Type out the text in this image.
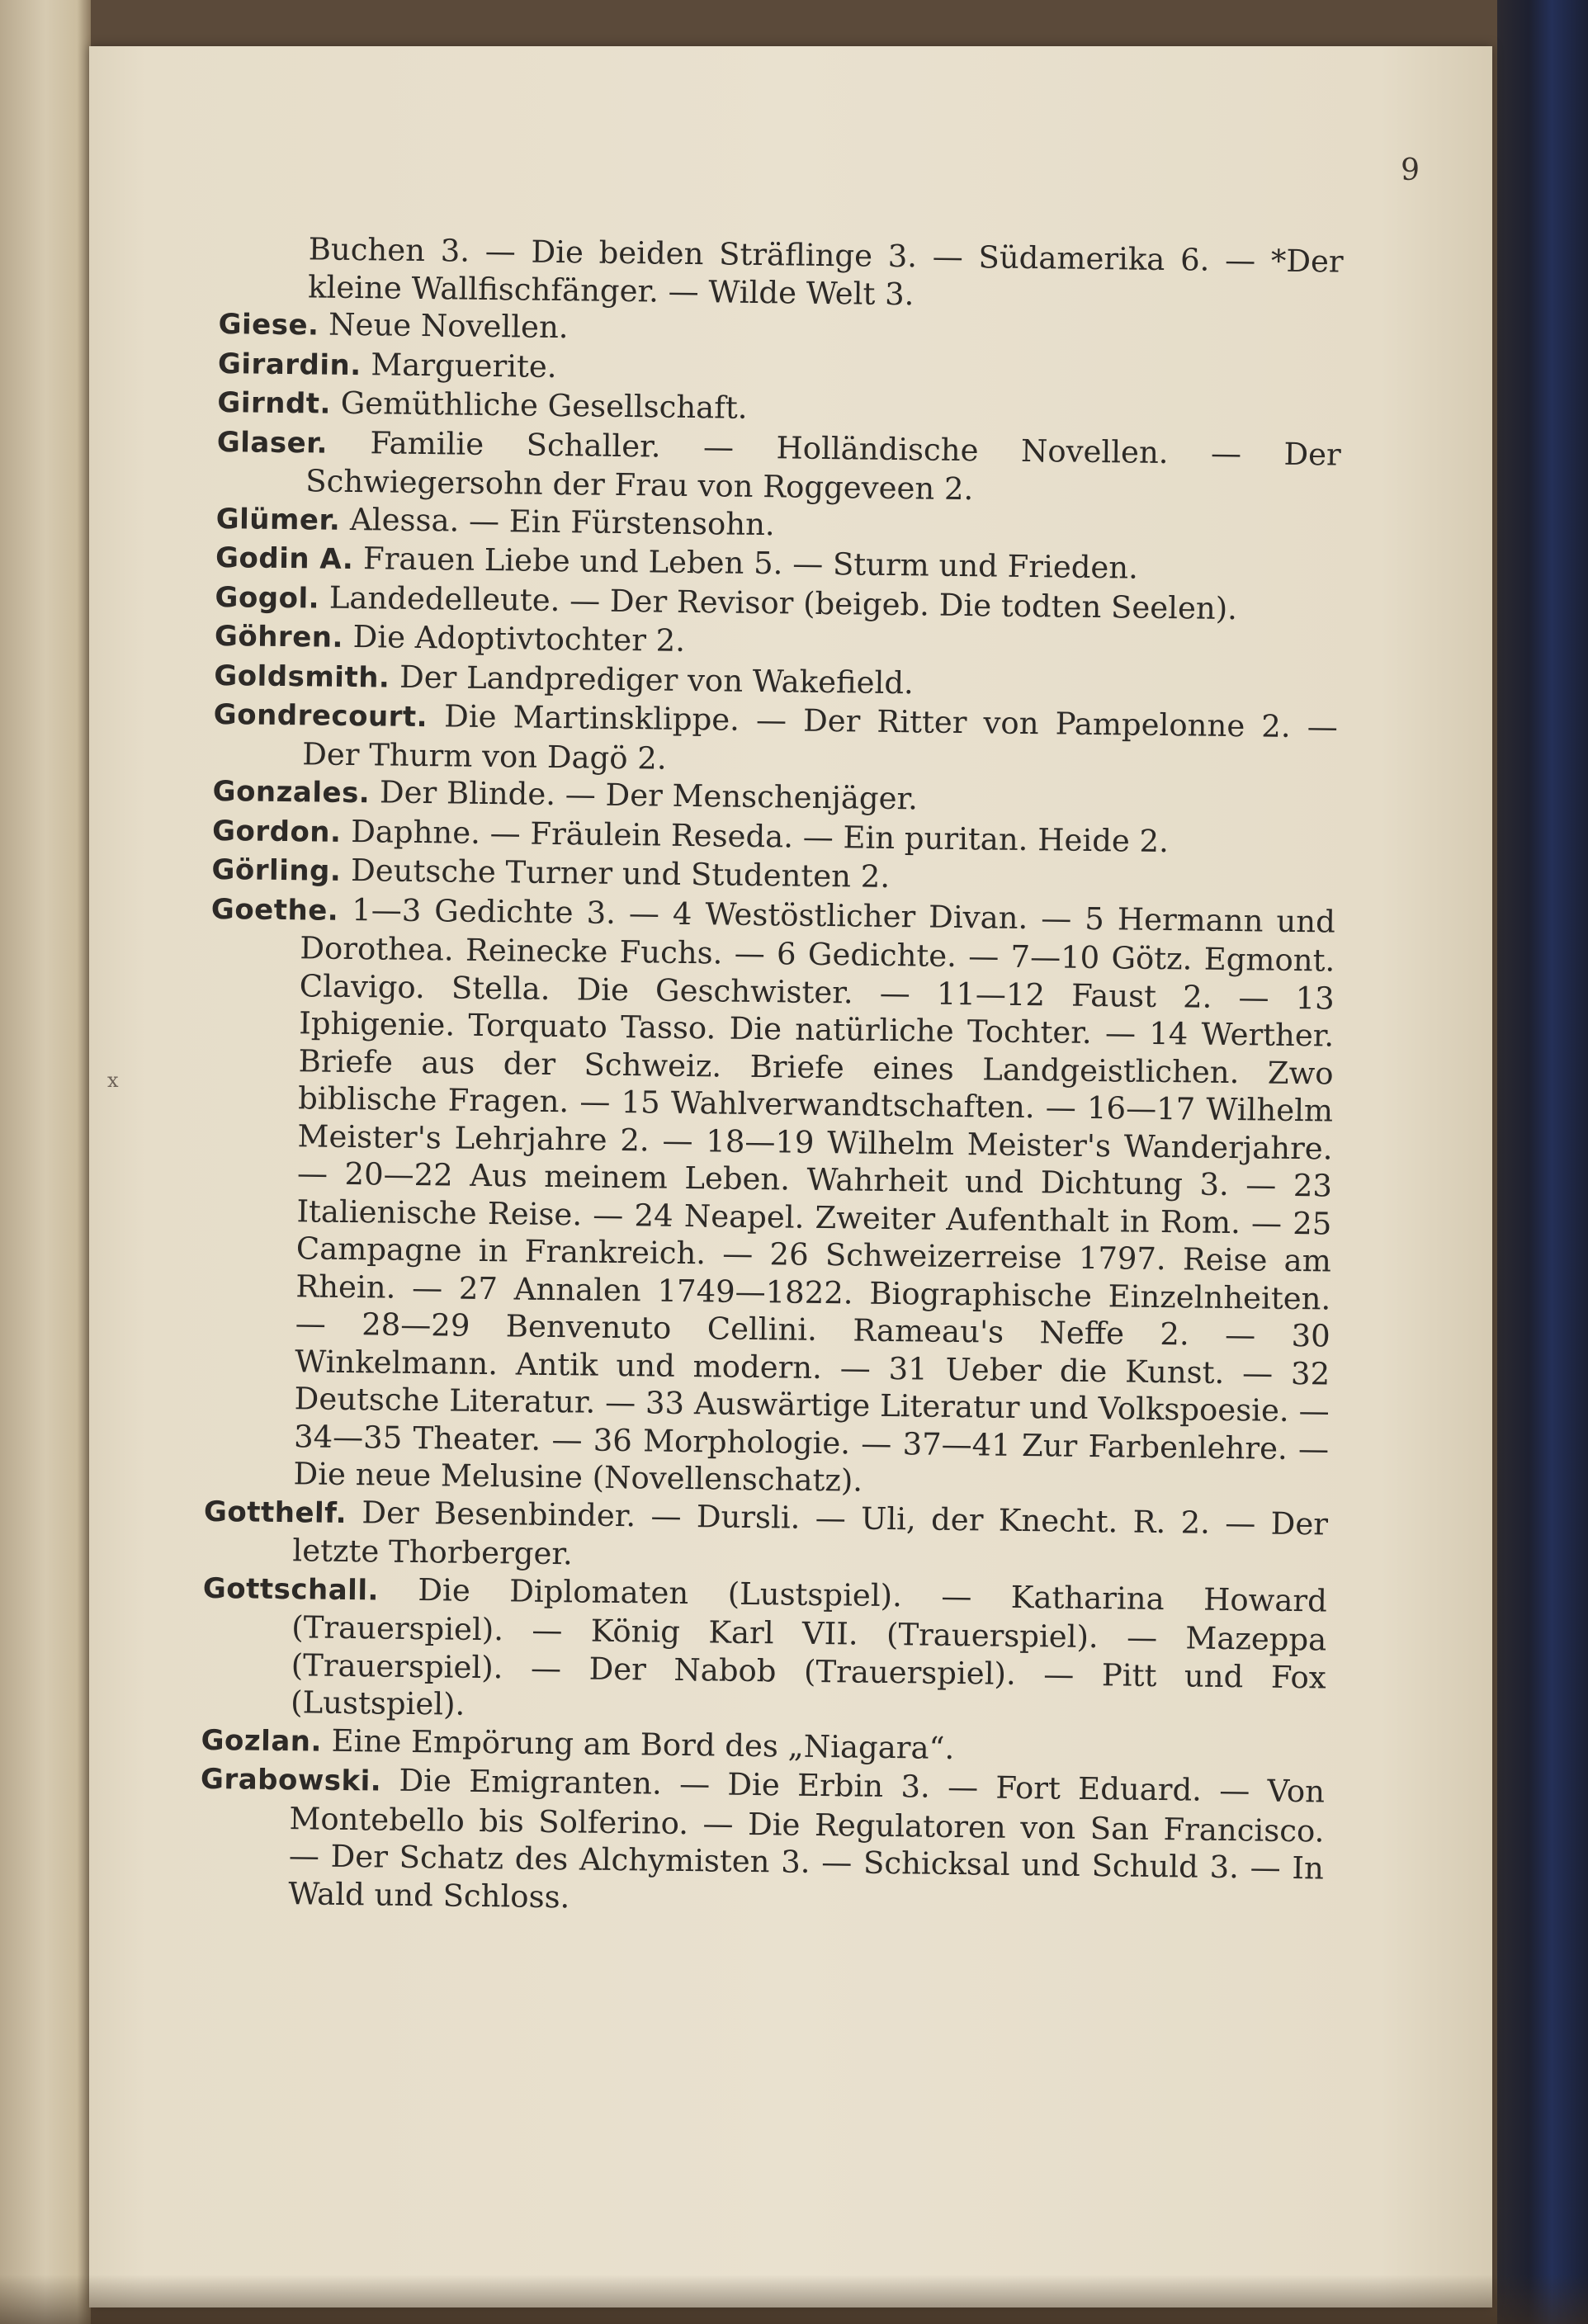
9

Buchen 3. — Die beiden Sträflinge 3. — Südamerika 6. — *Der kleine Wallfischfänger. — Wilde Welt 3.

Giese. Neue Novellen.

Girardin. Marguerite.

Girndt. Gemüthliche Gesellschaft.

Glaser. Familie Schaller. — Holländische Novellen. — Der Schwiegersohn der Frau von Roggeveen 2.

Glümer. Alessa. — Ein Fürstensohn.

Godin A. Frauen Liebe und Leben 5. — Sturm und Frieden.

Gogol. Landedelleute. — Der Revisor (beigeb. Die todten Seelen).

Göhren. Die Adoptivtochter 2.

Goldsmith. Der Landprediger von Wakefield.

Gondrecourt. Die Martinsklippe. — Der Ritter von Pampelonne 2. — Der Thurm von Dagö 2.

Gonzales. Der Blinde. — Der Menschenjäger.

Gordon. Daphne. — Fräulein Reseda. — Ein puritan. Heide 2.

Görling. Deutsche Turner und Studenten 2.

Goethe. 1—3 Gedichte 3. — 4 Westöstlicher Divan. — 5 Hermann und Dorothea. Reinecke Fuchs. — 6 Gedichte. — 7—10 Götz. Egmont. Clavigo. Stella. Die Geschwister. — 11—12 Faust 2. — 13 Iphigenie. Torquato Tasso. Die natürliche Tochter. — 14 Werther. Briefe aus der Schweiz. Briefe eines Landgeistlichen. Zwo biblische Fragen. — 15 Wahlverwandtschaften. — 16—17 Wilhelm Meister's Lehrjahre 2. — 18—19 Wilhelm Meister's Wanderjahre. — 20—22 Aus meinem Leben. Wahrheit und Dichtung 3. — 23 Italienische Reise. — 24 Neapel. Zweiter Aufenthalt in Rom. — 25 Campagne in Frankreich. — 26 Schweizerreise 1797. Reise am Rhein. — 27 Annalen 1749—1822. Biographische Einzelnheiten. — 28—29 Benvenuto Cellini. Rameau's Neffe 2. — 30 Winkelmann. Antik und modern. — 31 Ueber die Kunst. — 32 Deutsche Literatur. — 33 Auswärtige Literatur und Volkspoesie. — 34—35 Theater. — 36 Morphologie. — 37—41 Zur Farbenlehre. — Die neue Melusine (Novellenschatz).

Gotthelf. Der Besenbinder. — Dursli. — Uli, der Knecht. R. 2. — Der letzte Thorberger.

Gottschall. Die Diplomaten (Lustspiel). — Katharina Howard (Trauerspiel). — König Karl VII. (Trauerspiel). — Mazeppa (Trauerspiel). — Der Nabob (Trauerspiel). — Pitt und Fox (Lustspiel).

Gozlan. Eine Empörung am Bord des „Niagara“.

Grabowski. Die Emigranten. — Die Erbin 3. — Fort Eduard. — Von Montebello bis Solferino. — Die Regulatoren von San Francisco. — Der Schatz des Alchymisten 3. — Schicksal und Schuld 3. — In Wald und Schloss.

x
